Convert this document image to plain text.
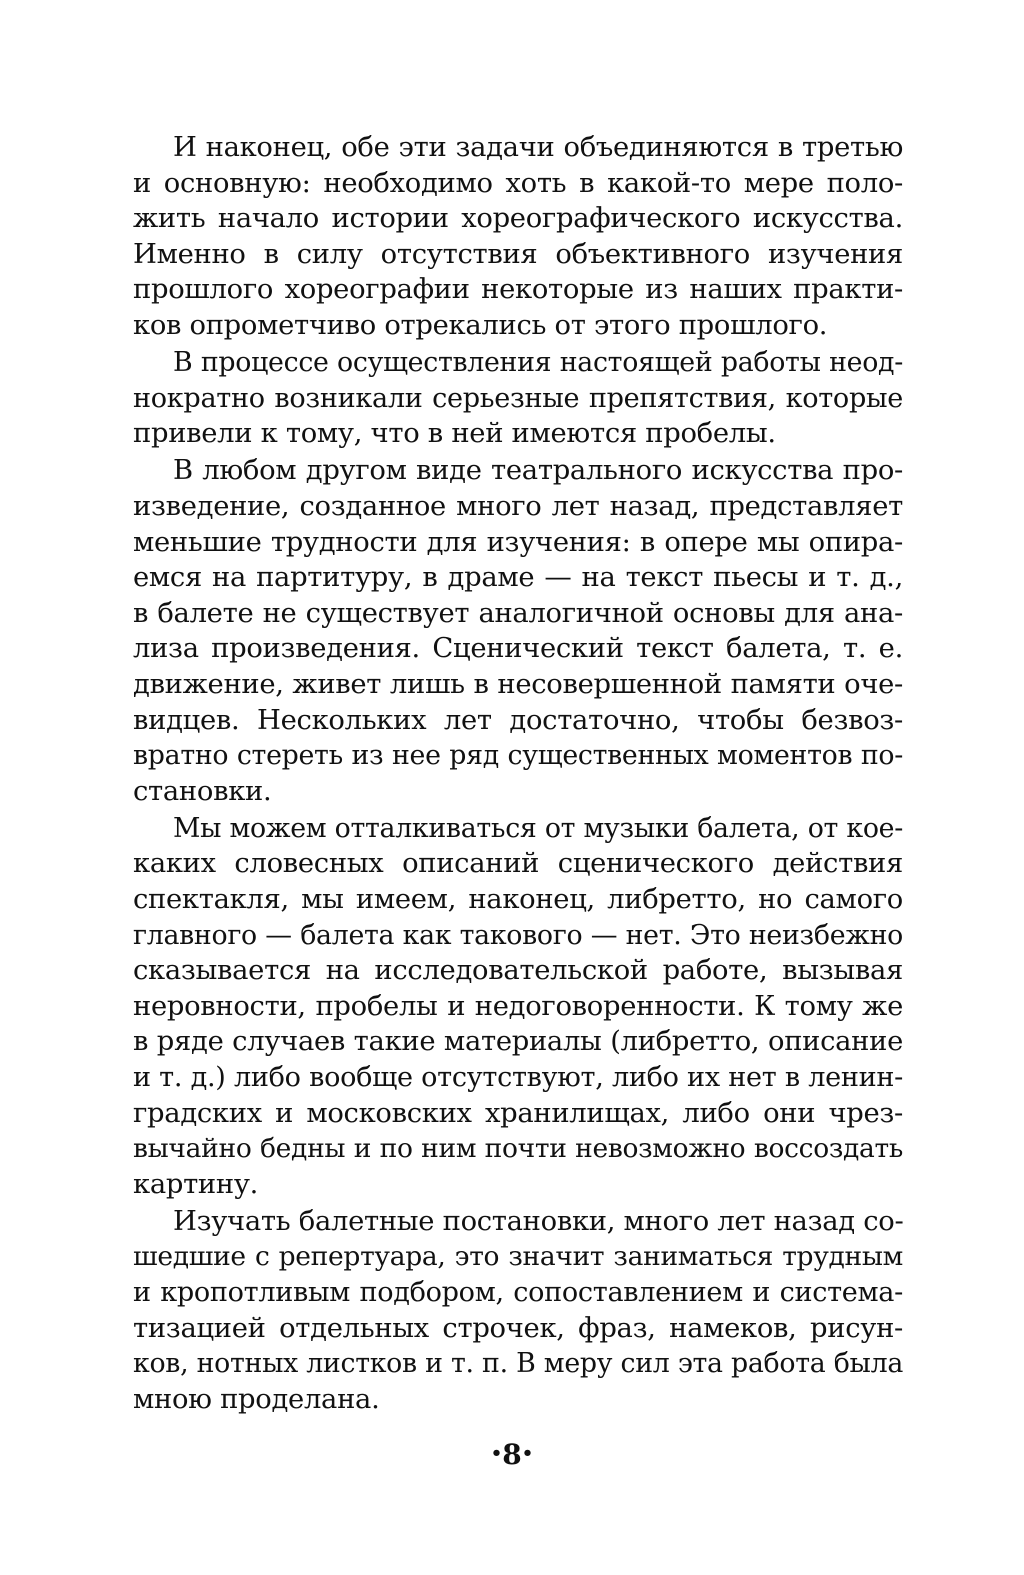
И наконец, обе эти задачи объединяются в третью
и основную: необходимо хоть в какой-то мере поло-
жить начало истории хореографического искусства.
Именно в силу отсутствия объективного изучения
прошлого хореографии некоторые из наших практи-
ков опрометчиво отрекались от этого прошлого.
В процессе осуществления настоящей работы неод-
нократно возникали серьезные препятствия, которые
привели к тому, что в ней имеются пробелы.
В любом другом виде театрального искусства про-
изведение, созданное много лет назад, представляет
меньшие трудности для изучения: в опере мы опира-
емся на партитуру, в драме — на текст пьесы и т. д.,
в балете не существует аналогичной основы для ана-
лиза произведения. Сценический текст балета, т. е.
движение, живет лишь в несовершенной памяти оче-
видцев. Нескольких лет достаточно, чтобы безвоз-
вратно стереть из нее ряд существенных моментов по-
становки.
Мы можем отталкиваться от музыки балета, от кое-
каких словесных описаний сценического действия
спектакля, мы имеем, наконец, либретто, но самого
главного — балета как такового — нет. Это неизбежно
сказывается на исследовательской работе, вызывая
неровности, пробелы и недоговоренности. К тому же
в ряде случаев такие материалы (либретто, описание
и т. д.) либо вообще отсутствуют, либо их нет в ленин-
градских и московских хранилищах, либо они чрез-
вычайно бедны и по ним почти невозможно воссоздать
картину.
Изучать балетные постановки, много лет назад со-
шедшие с репертуара, это значит заниматься трудным
и кропотливым подбором, сопоставлением и система-
тизацией отдельных строчек, фраз, намеков, рисун-
ков, нотных листков и т. п. В меру сил эта работа была
мною проделана.
•8•
